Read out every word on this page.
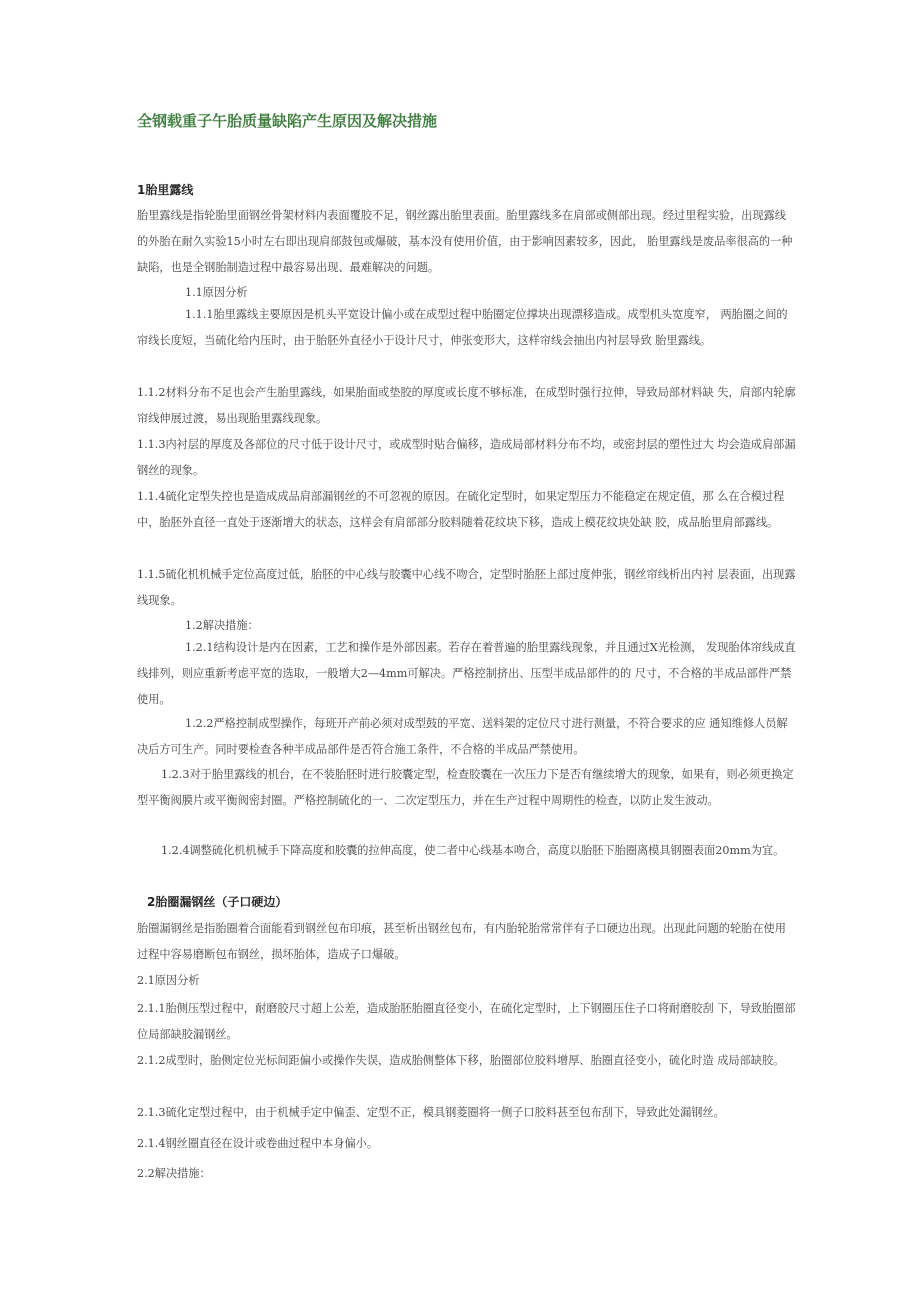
全钢载重子午胎质量缺陷产生原因及解决措施
1胎里露线
胎里露线是指轮胎里面钢丝骨架材料内表面覆胶不足，钢丝露出胎里表面。胎里露线多在肩部或侧部出现。经过里程实验，出现露线的外胎在耐久实验15小时左右即出现肩部鼓包或爆破，基本没有使用价值，由于影响因素较多，因此， 胎里露线是废品率很高的一种缺陷，也是全钢胎制造过程中最容易出现、最难解决的问题。
1.1原因分析
1.1.1胎里露线主要原因是机头平宽设计偏小或在成型过程中胎圈定位撑块出现漂移造成。成型机头宽度窄， 两胎圈之间的帘线长度短，当硫化给内压时，由于胎胚外直径小于设计尺寸，伸张变形大，这样帘线会抽出内衬层导致 胎里露线。
1.1.2材料分布不足也会产生胎里露线，如果胎面或垫胶的厚度或长度不够标准，在成型时强行拉伸，导致局部材料缺 失，肩部内轮廓帘线伸展过渡，易出现胎里露线现象。
1.1.3内衬层的厚度及各部位的尺寸低于设计尺寸，或成型时贴合偏移，造成局部材料分布不均，或密封层的塑性过大 均会造成肩部漏钢丝的现象。
1.1.4硫化定型失控也是造成成品肩部漏钢丝的不可忽视的原因。在硫化定型时，如果定型压力不能稳定在规定值，那 么在合模过程中，胎胚外直径一直处于逐渐增大的状态，这样会有肩部部分胶料随着花纹块下移，造成上模花纹块处缺 胶，成品胎里肩部露线。
1.1.5硫化机机械手定位高度过低，胎胚的中心线与胶囊中心线不吻合，定型时胎胚上部过度伸张，钢丝帘线析出内衬 层表面，出现露线现象。
1.2解决措施：
1.2.1结构设计是内在因素，工艺和操作是外部因素。若存在着普遍的胎里露线现象，并且通过X光检测， 发现胎体帘线成直线排列，则应重新考虑平宽的选取，一般增大2—4mm可解决。严格控制挤出、压型半成品部件的的 尺寸，不合格的半成品部件严禁使用。
1.2.2严格控制成型操作，每班开产前必须对成型鼓的平宽、送料架的定位尺寸进行测量，不符合要求的应 通知维修人员解决后方可生产。同时要检查各种半成品部件是否符合施工条件，不合格的半成品严禁使用。
1.2.3对于胎里露线的机台，在不装胎胚时进行胶囊定型，检查胶囊在一次压力下是否有继续增大的现象，如果有，则必须更换定型平衡阀膜片或平衡阀密封圈。严格控制硫化的一、二次定型压力，并在生产过程中周期性的检查，以防止发生波动。
1.2.4调整硫化机机械手下降高度和胶囊的拉伸高度，使二者中心线基本吻合，高度以胎胚下胎圈离模具钢圈表面20mm为宜。
2胎圈漏钢丝（子口硬边）
胎圈漏钢丝是指胎圈着合面能看到钢丝包布印痕，甚至析出钢丝包布，有内胎轮胎常常伴有子口硬边出现。出现此问题的轮胎在使用过程中容易磨断包布钢丝，损坏胎体，造成子口爆破。
2.1原因分析
2.1.1胎侧压型过程中，耐磨胶尺寸超上公差，造成胎胚胎圈直径变小，在硫化定型时，上下钢圈压住子口将耐磨胶刮 下，导致胎圈部位局部缺胶漏钢丝。
2.1.2成型时，胎侧定位光标间距偏小或操作失误，造成胎侧整体下移，胎圈部位胶料增厚、胎圈直径变小，硫化时造 成局部缺胶。
2.1.3硫化定型过程中，由于机械手定中偏歪、定型不正，模具钢菱圈将一侧子口胶料甚至包布刮下，导致此处漏钢丝。
2.1.4钢丝圈直径在设计或卷曲过程中本身偏小。
2.2解决措施：
